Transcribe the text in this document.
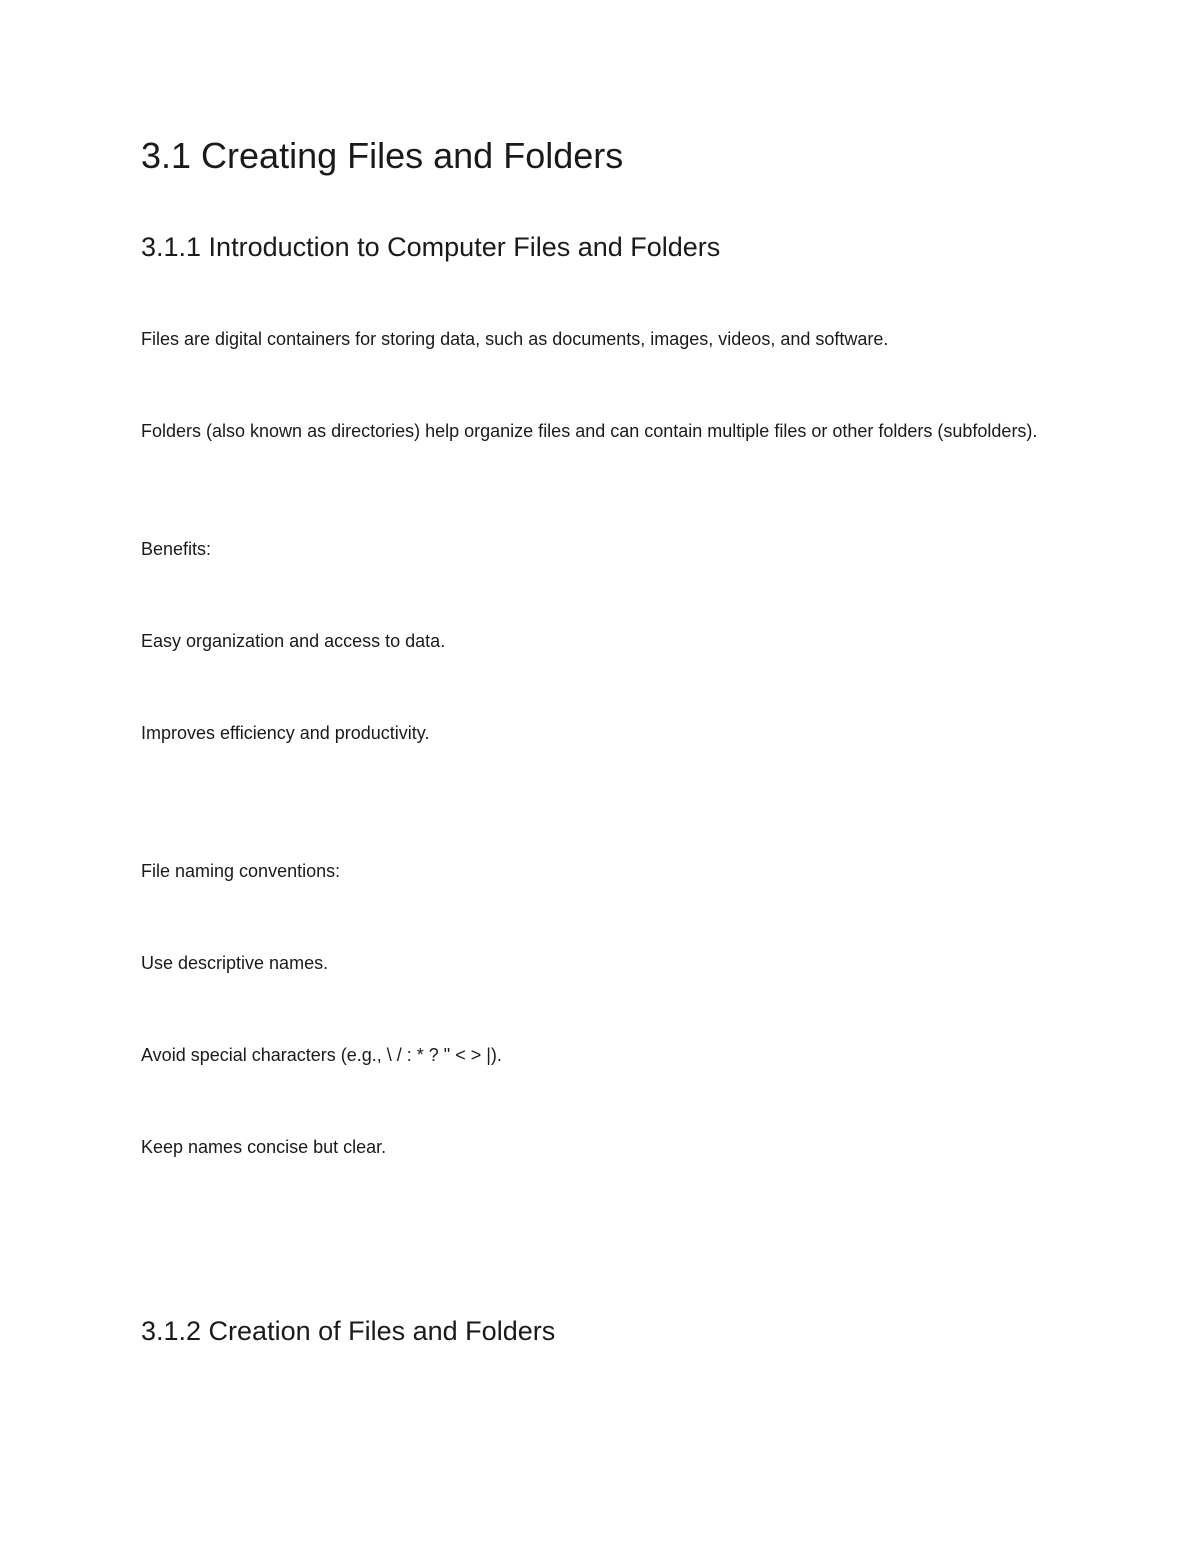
3.1 Creating Files and Folders
3.1.1 Introduction to Computer Files and Folders

Files are digital containers for storing data, such as documents, images, videos, and software.

Folders (also known as directories) help organize files and can contain multiple files or other folders (subfolders).

Benefits:

Easy organization and access to data.

Improves efficiency and productivity.

File naming conventions:

Use descriptive names.

Avoid special characters (e.g., \ / : * ? " < > |).

Keep names concise but clear.

3.1.2 Creation of Files and Folders
